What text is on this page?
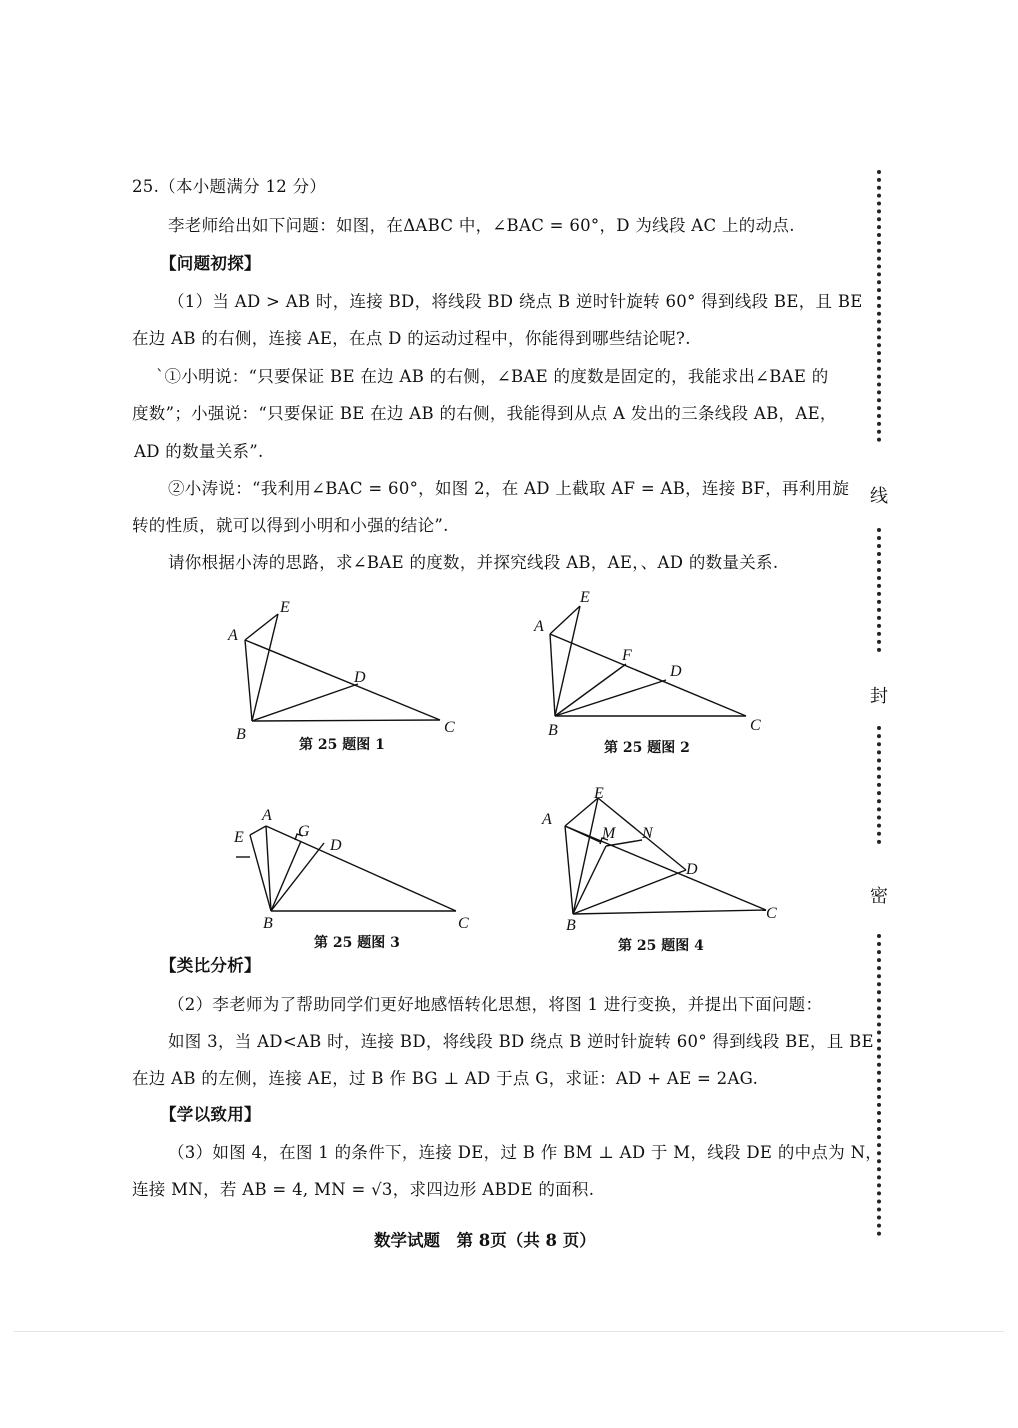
25.（本小题满分 12 分）
李老师给出如下问题：如图，在ΔABC 中，∠BAC = 60°，D 为线段 AC 上的动点.
【问题初探】
（1）当 AD > AB 时，连接 BD，将线段 BD 绕点 B 逆时针旋转 60° 得到线段 BE，且 BE
在边 AB 的右侧，连接 AE，在点 D 的运动过程中，你能得到哪些结论呢?.
ˋ①小明说：“只要保证 BE 在边 AB 的右侧，∠BAE 的度数是固定的，我能求出∠BAE 的
度数”；小强说：“只要保证 BE 在边 AB 的右侧，我能得到从点 A 发出的三条线段 AB，AE，
AD 的数量关系”.
②小涛说：“我利用∠BAC = 60°，如图 2，在 AD 上截取 AF = AB，连接 BF，再利用旋
转的性质，就可以得到小明和小强的结论”.
请你根据小涛的思路，求∠BAE 的度数，并探究线段 AB，AE，、AD 的数量关系.
A
E
D
B	C
第 25 题图 1
A
E
F
D
B	C
第 25 题图 2
A
E	G
D
B	C
第 25 题图 3
A
E
M N
D
B
C
第 25 题图 4
【类比分析】
（2）李老师为了帮助同学们更好地感悟转化思想，将图 1 进行变换，并提出下面问题：
如图 3，当 AD<AB 时，连接 BD，将线段 BD 绕点 B 逆时针旋转 60° 得到线段 BE，且 BE
在边 AB 的左侧，连接 AE，过 B 作 BG ⊥ AD 于点 G，求证：AD + AE = 2AG.
【学以致用】
（3）如图 4，在图 1 的条件下，连接 DE，过 B 作 BM ⊥ AD 于 M，线段 DE 的中点为 N，
连接 MN，若 AB = 4, MN = √3，求四边形 ABDE 的面积.
数学试题　第 8页（共 8 页）
线
封
密
